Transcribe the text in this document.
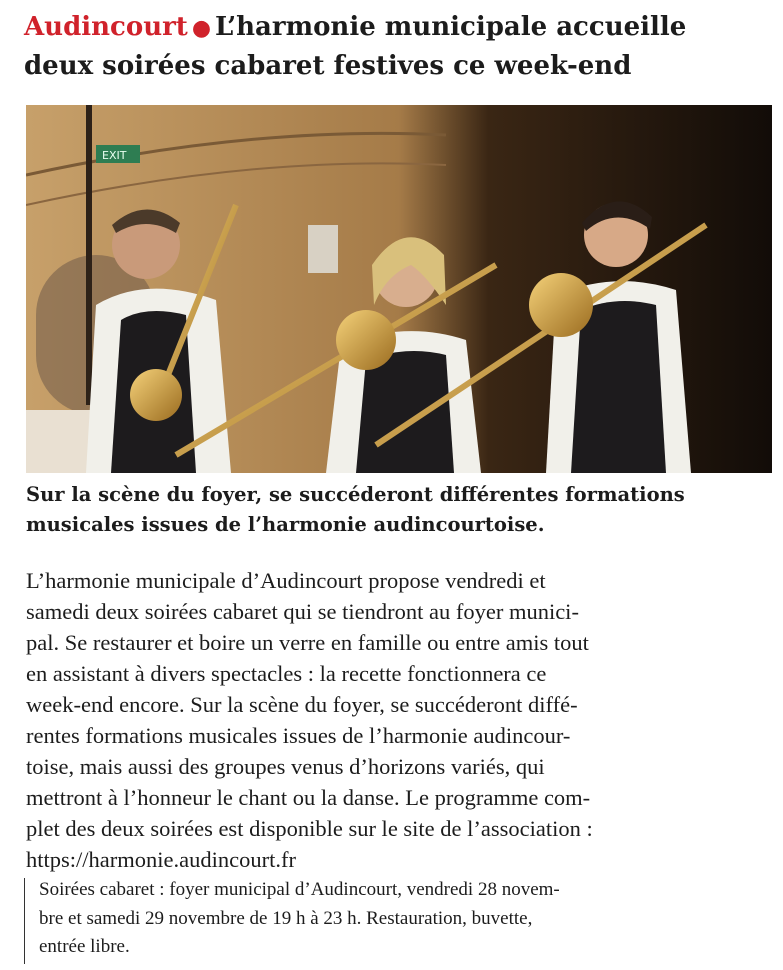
Audincourt ● L’harmonie municipale accueille
deux soirées cabaret festives ce week-end
EXIT

Sur la scène du foyer, se succéderont différentes formations
musicales issues de l’harmonie audincourtoise.

L’harmonie municipale d’Audincourt propose vendredi et
samedi deux soirées cabaret qui se tiendront au foyer munici-
pal. Se restaurer et boire un verre en famille ou entre amis tout
en assistant à divers spectacles : la recette fonctionnera ce
week-end encore. Sur la scène du foyer, se succéderont diffé-
rentes formations musicales issues de l’harmonie audincour-
toise, mais aussi des groupes venus d’horizons variés, qui
mettront à l’honneur le chant ou la danse. Le programme com-
plet des deux soirées est disponible sur le site de l’association :
https://harmonie.audincourt.fr

Soirées cabaret : foyer municipal d’Audincourt, vendredi 28 novem-
bre et samedi 29 novembre de 19 h à 23 h. Restauration, buvette,
entrée libre.
